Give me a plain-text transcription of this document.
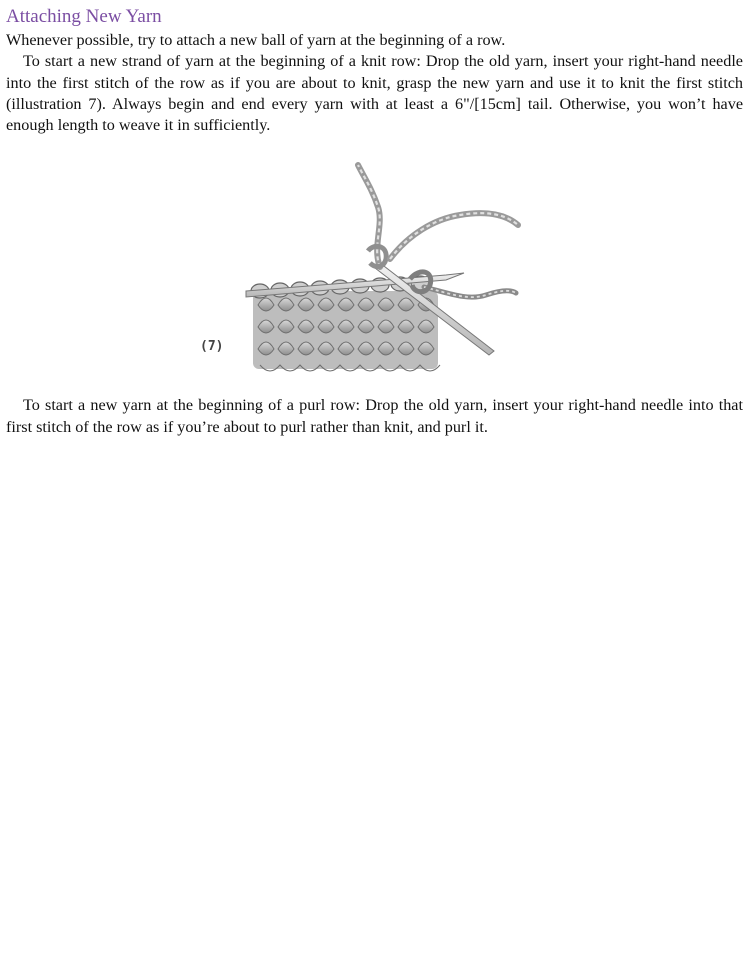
Attaching New Yarn

Whenever possible, try to attach a new ball of yarn at the beginning of a row.

To start a new strand of yarn at the beginning of a knit row: Drop the old yarn, insert your right-hand needle into the first stitch of the row as if you are about to knit, grasp the new yarn and use it to knit the first stitch (illustration 7). Always begin and end every yarn with at least a 6"/[15cm] tail. Otherwise, you won’t have enough length to weave it in sufficiently.

(7)

To start a new yarn at the beginning of a purl row: Drop the old yarn, insert your right-hand needle into that first stitch of the row as if you’re about to purl rather than knit, and purl it.
